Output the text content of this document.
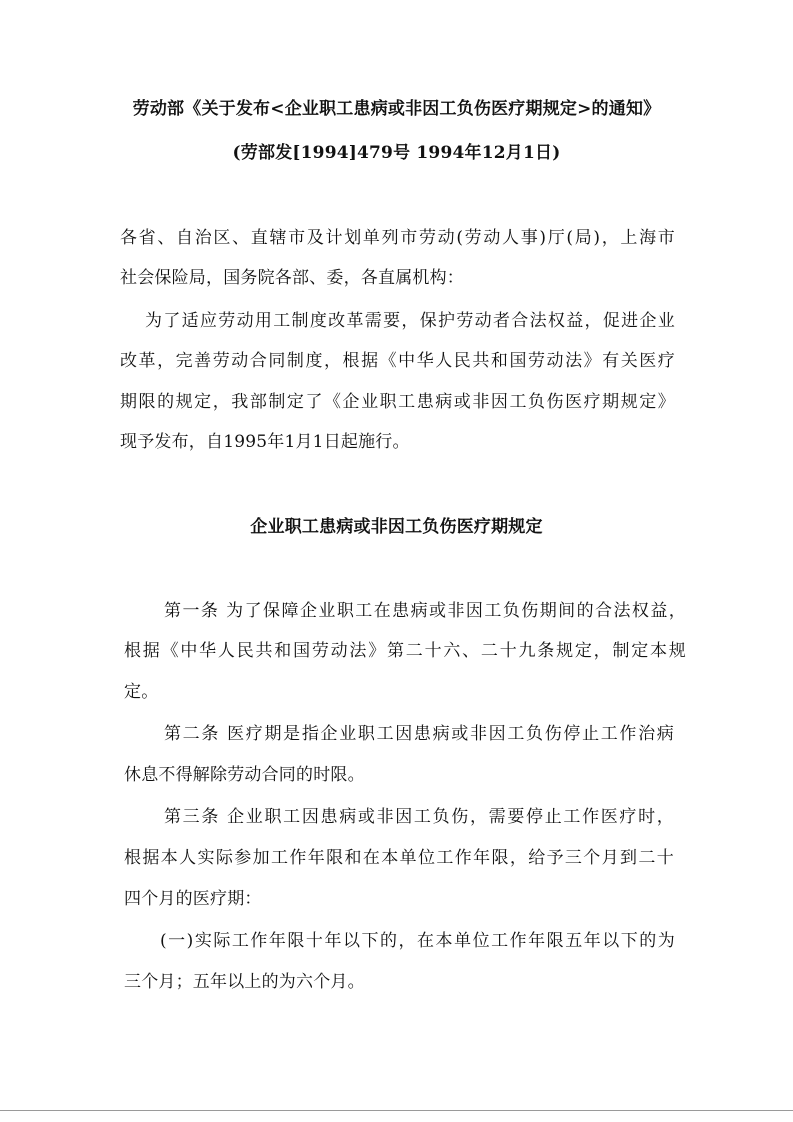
劳动部《关于发布<企业职工患病或非因工负伤医疗期规定>的通知》
(劳部发[1994]479号 1994年12月1日)
各省、自治区、直辖市及计划单列市劳动(劳动人事)厅(局)，上海市
社会保险局，国务院各部、委，各直属机构：
为了适应劳动用工制度改革需要，保护劳动者合法权益，促进企业
改革，完善劳动合同制度，根据《中华人民共和国劳动法》有关医疗
期限的规定，我部制定了《企业职工患病或非因工负伤医疗期规定》
现予发布，自1995年1月1日起施行。
企业职工患病或非因工负伤医疗期规定
第一条 为了保障企业职工在患病或非因工负伤期间的合法权益，
根据《中华人民共和国劳动法》第二十六、二十九条规定，制定本规
定。
第二条 医疗期是指企业职工因患病或非因工负伤停止工作治病
休息不得解除劳动合同的时限。
第三条 企业职工因患病或非因工负伤，需要停止工作医疗时，
根据本人实际参加工作年限和在本单位工作年限，给予三个月到二十
四个月的医疗期：
(一)实际工作年限十年以下的，在本单位工作年限五年以下的为
三个月；五年以上的为六个月。
